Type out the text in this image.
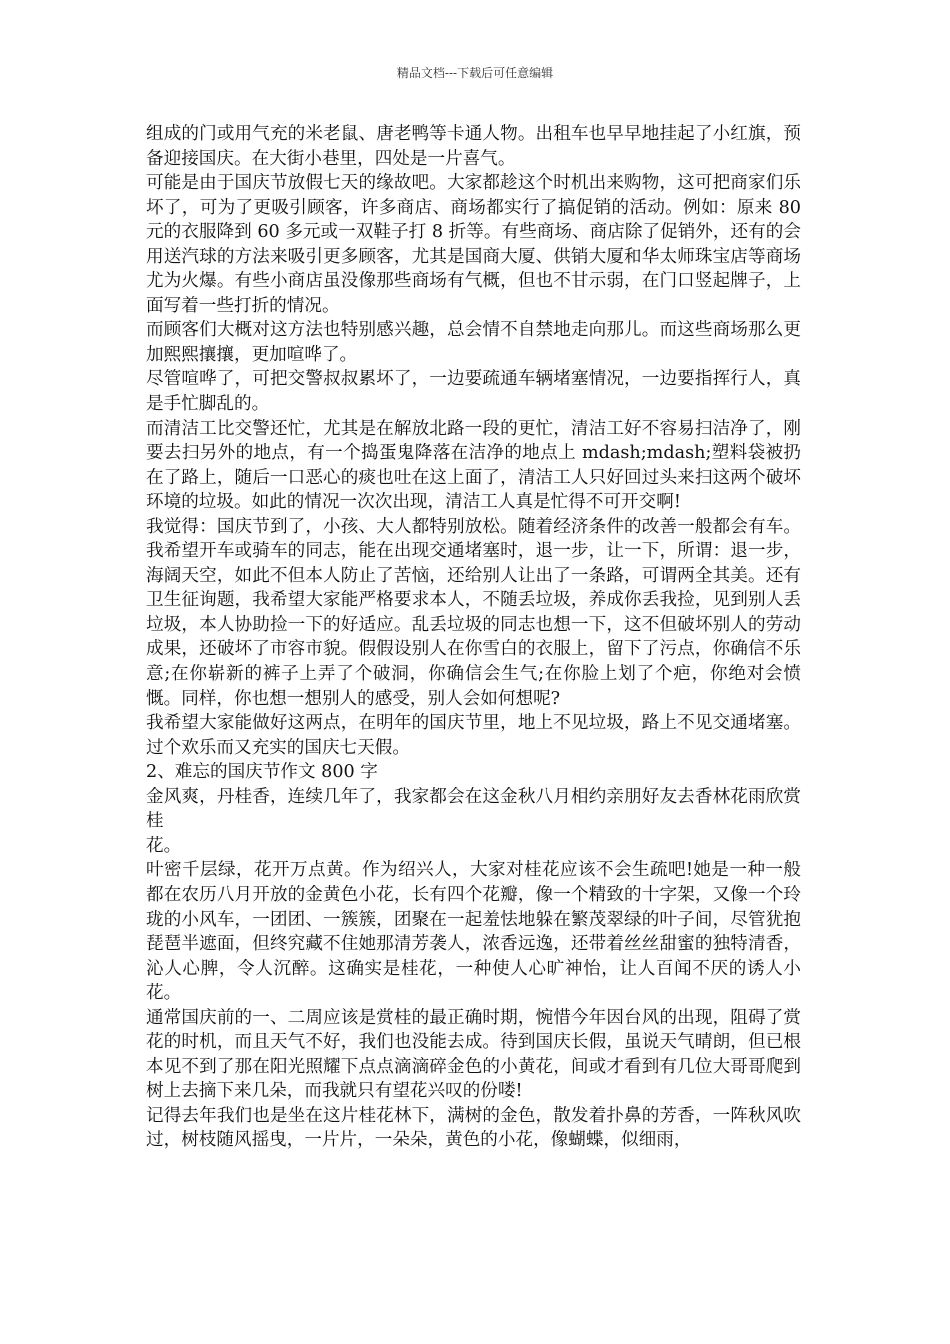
精品文档---下载后可任意编辑

组成的门或用气充的米老鼠、唐老鸭等卡通人物。出租车也早早地挂起了小红旗，预备迎接国庆。在大街小巷里，四处是一片喜气。

可能是由于国庆节放假七天的缘故吧。大家都趁这个时机出来购物，这可把商家们乐坏了，可为了更吸引顾客，许多商店、商场都实行了搞促销的活动。例如：原来 80 元的衣服降到 60 多元或一双鞋子打 8 折等。有些商场、商店除了促销外，还有的会用送汽球的方法来吸引更多顾客，尤其是国商大厦、供销大厦和华太师珠宝店等商场尤为火爆。有些小商店虽没像那些商场有气概，但也不甘示弱，在门口竖起牌子，上面写着一些打折的情况。

而顾客们大概对这方法也特别感兴趣，总会情不自禁地走向那儿。而这些商场那么更加熙熙攘攘，更加喧哗了。

尽管喧哗了，可把交警叔叔累坏了，一边要疏通车辆堵塞情况，一边要指挥行人，真是手忙脚乱的。

而清洁工比交警还忙，尤其是在解放北路一段的更忙，清洁工好不容易扫洁净了，刚要去扫另外的地点，有一个捣蛋鬼降落在洁净的地点上 mdash;mdash;塑料袋被扔在了路上，随后一口恶心的痰也吐在这上面了，清洁工人只好回过头来扫这两个破坏环境的垃圾。如此的情况一次次出现，清洁工人真是忙得不可开交啊!

我觉得：国庆节到了，小孩、大人都特别放松。随着经济条件的改善一般都会有车。我希望开车或骑车的同志，能在出现交通堵塞时，退一步，让一下，所谓：退一步，海阔天空，如此不但本人防止了苦恼，还给别人让出了一条路，可谓两全其美。还有卫生征询题，我希望大家能严格要求本人，不随丢垃圾，养成你丢我捡，见到别人丢垃圾，本人协助捡一下的好适应。乱丢垃圾的同志也想一下，这不但破坏别人的劳动成果，还破坏了市容市貌。假假设别人在你雪白的衣服上，留下了污点，你确信不乐意;在你崭新的裤子上弄了个破洞，你确信会生气;在你脸上划了个疤，你绝对会愤慨。同样，你也想一想别人的感受，别人会如何想呢?

我希望大家能做好这两点，在明年的国庆节里，地上不见垃圾，路上不见交通堵塞。过个欢乐而又充实的国庆七天假。

2、难忘的国庆节作文 800 字

金风爽，丹桂香，连续几年了，我家都会在这金秋八月相约亲朋好友去香林花雨欣赏桂

花。

叶密千层绿，花开万点黄。作为绍兴人，大家对桂花应该不会生疏吧!她是一种一般都在农历八月开放的金黄色小花，长有四个花瓣，像一个精致的十字架，又像一个玲珑的小风车，一团团、一簇簇，团聚在一起羞怯地躲在繁茂翠绿的叶子间，尽管犹抱琵琶半遮面，但终究藏不住她那清芳袭人，浓香远逸，还带着丝丝甜蜜的独特清香，沁人心脾，令人沉醉。这确实是桂花，一种使人心旷神怡，让人百闻不厌的诱人小花。

通常国庆前的一、二周应该是赏桂的最正确时期，惋惜今年因台风的出现，阻碍了赏花的时机，而且天气不好，我们也没能去成。待到国庆长假，虽说天气晴朗，但已根本见不到了那在阳光照耀下点点滴滴碎金色的小黄花，间或才看到有几位大哥哥爬到树上去摘下来几朵，而我就只有望花兴叹的份喽!

记得去年我们也是坐在这片桂花林下，满树的金色，散发着扑鼻的芳香，一阵秋风吹过，树枝随风摇曳，一片片，一朵朵，黄色的小花，像蝴蝶，似细雨，
